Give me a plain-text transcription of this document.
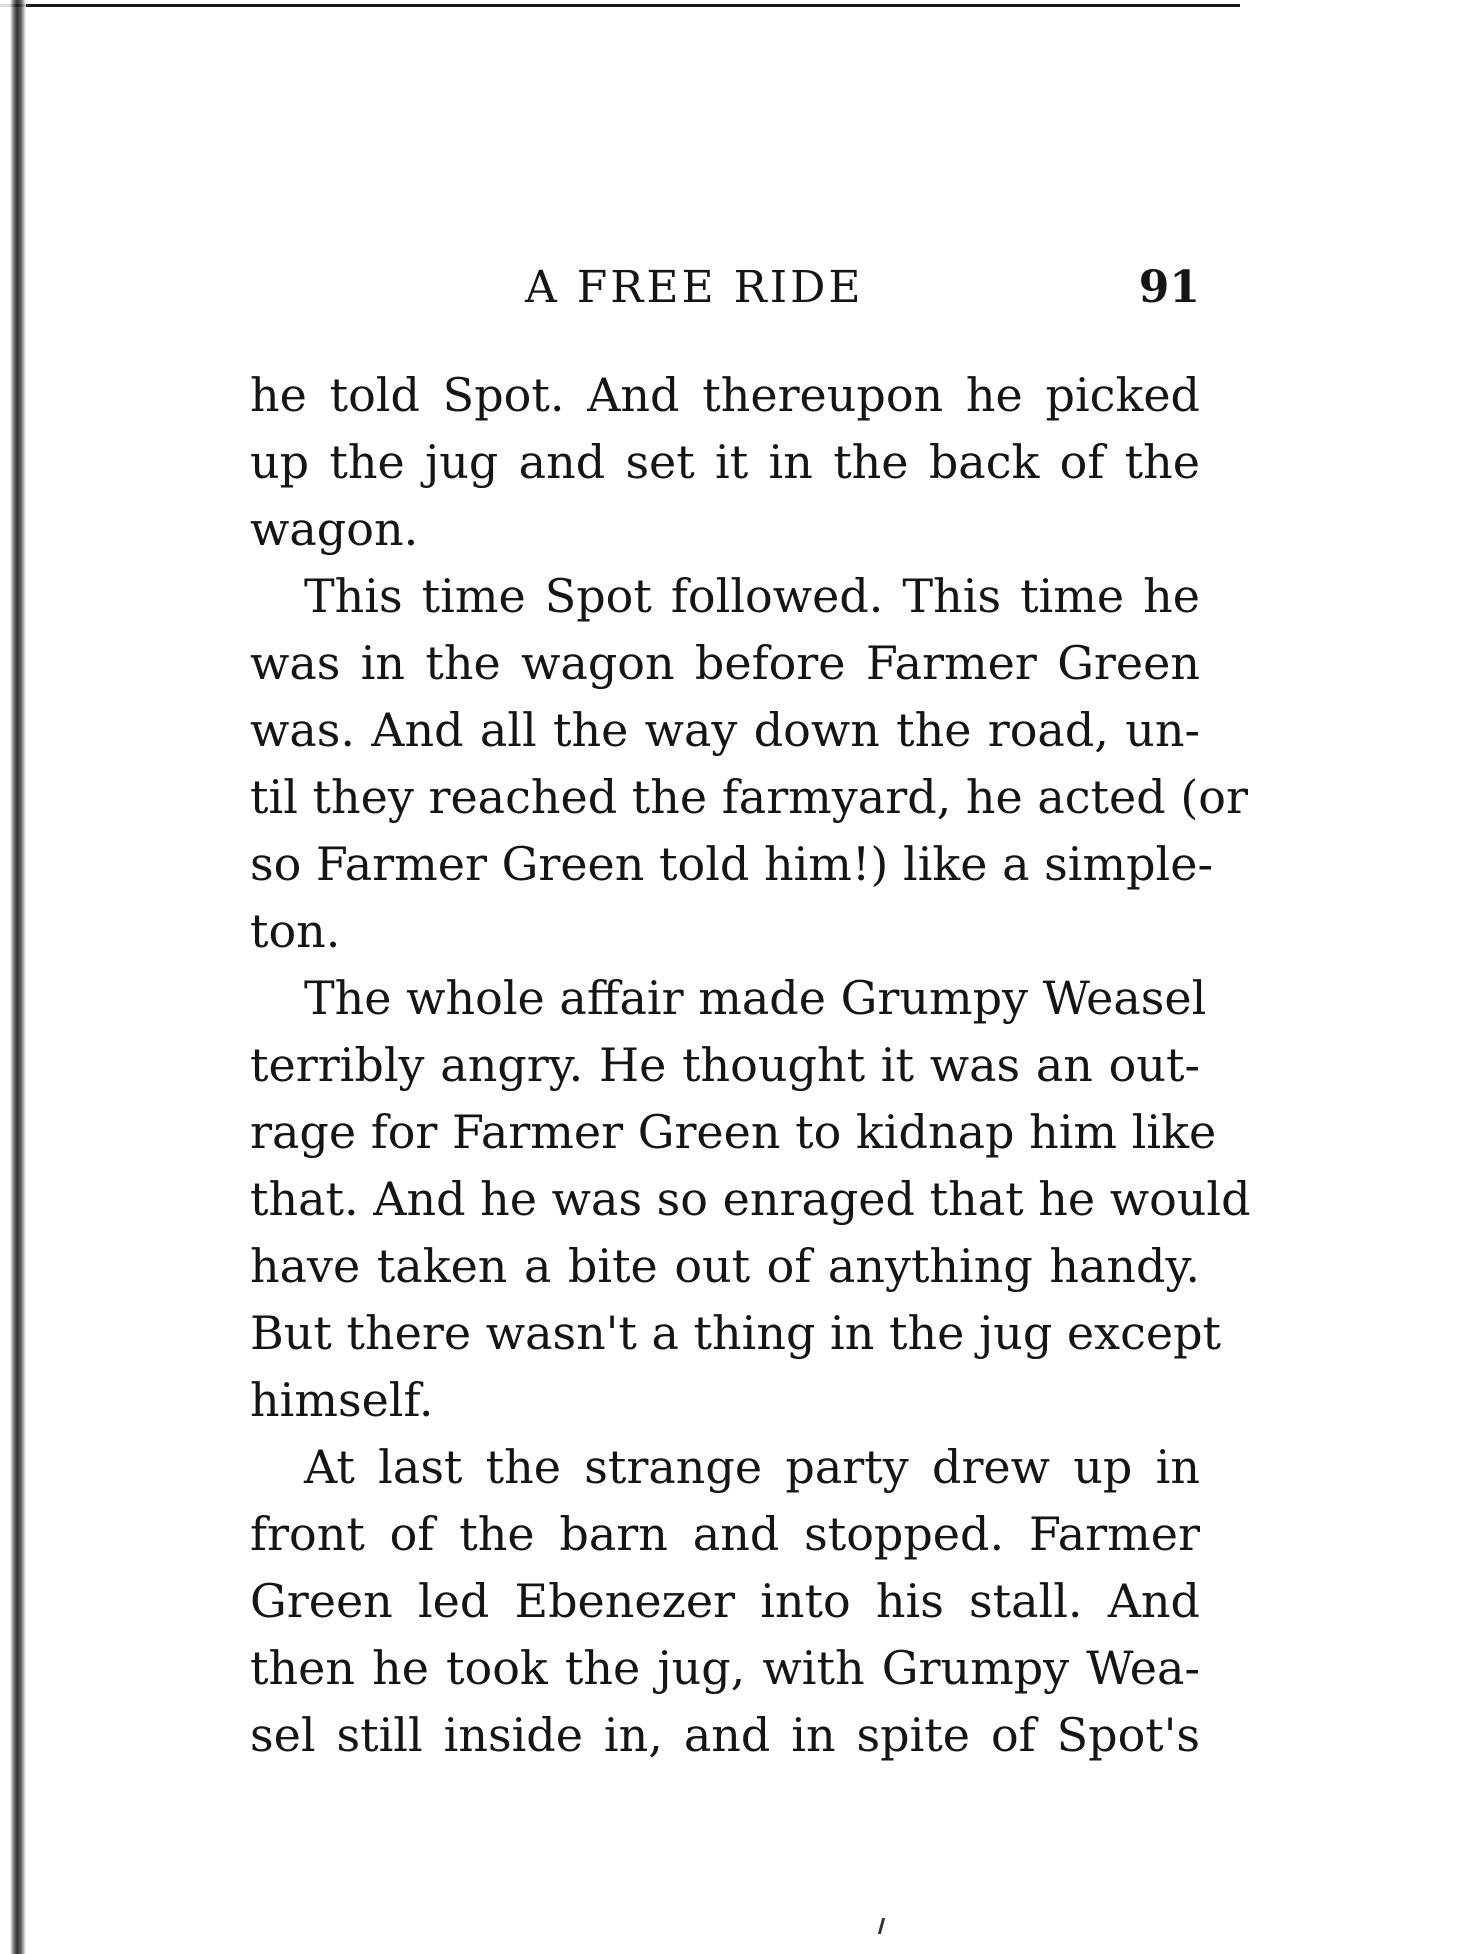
A FREE RIDE	91

he told Spot. And thereupon he picked
up the jug and set it in the back of the
wagon.

This time Spot followed. This time he
was in the wagon before Farmer Green
was. And all the way down the road, un-
til they reached the farmyard, he acted (or
so Farmer Green told him!) like a simple-
ton.

The whole affair made Grumpy Weasel
terribly angry. He thought it was an out-
rage for Farmer Green to kidnap him like
that. And he was so enraged that he would
have taken a bite out of anything handy.
But there wasn't a thing in the jug except
himself.

At last the strange party drew up in
front of the barn and stopped. Farmer
Green led Ebenezer into his stall. And
then he took the jug, with Grumpy Wea-
sel still inside in, and in spite of Spot's
